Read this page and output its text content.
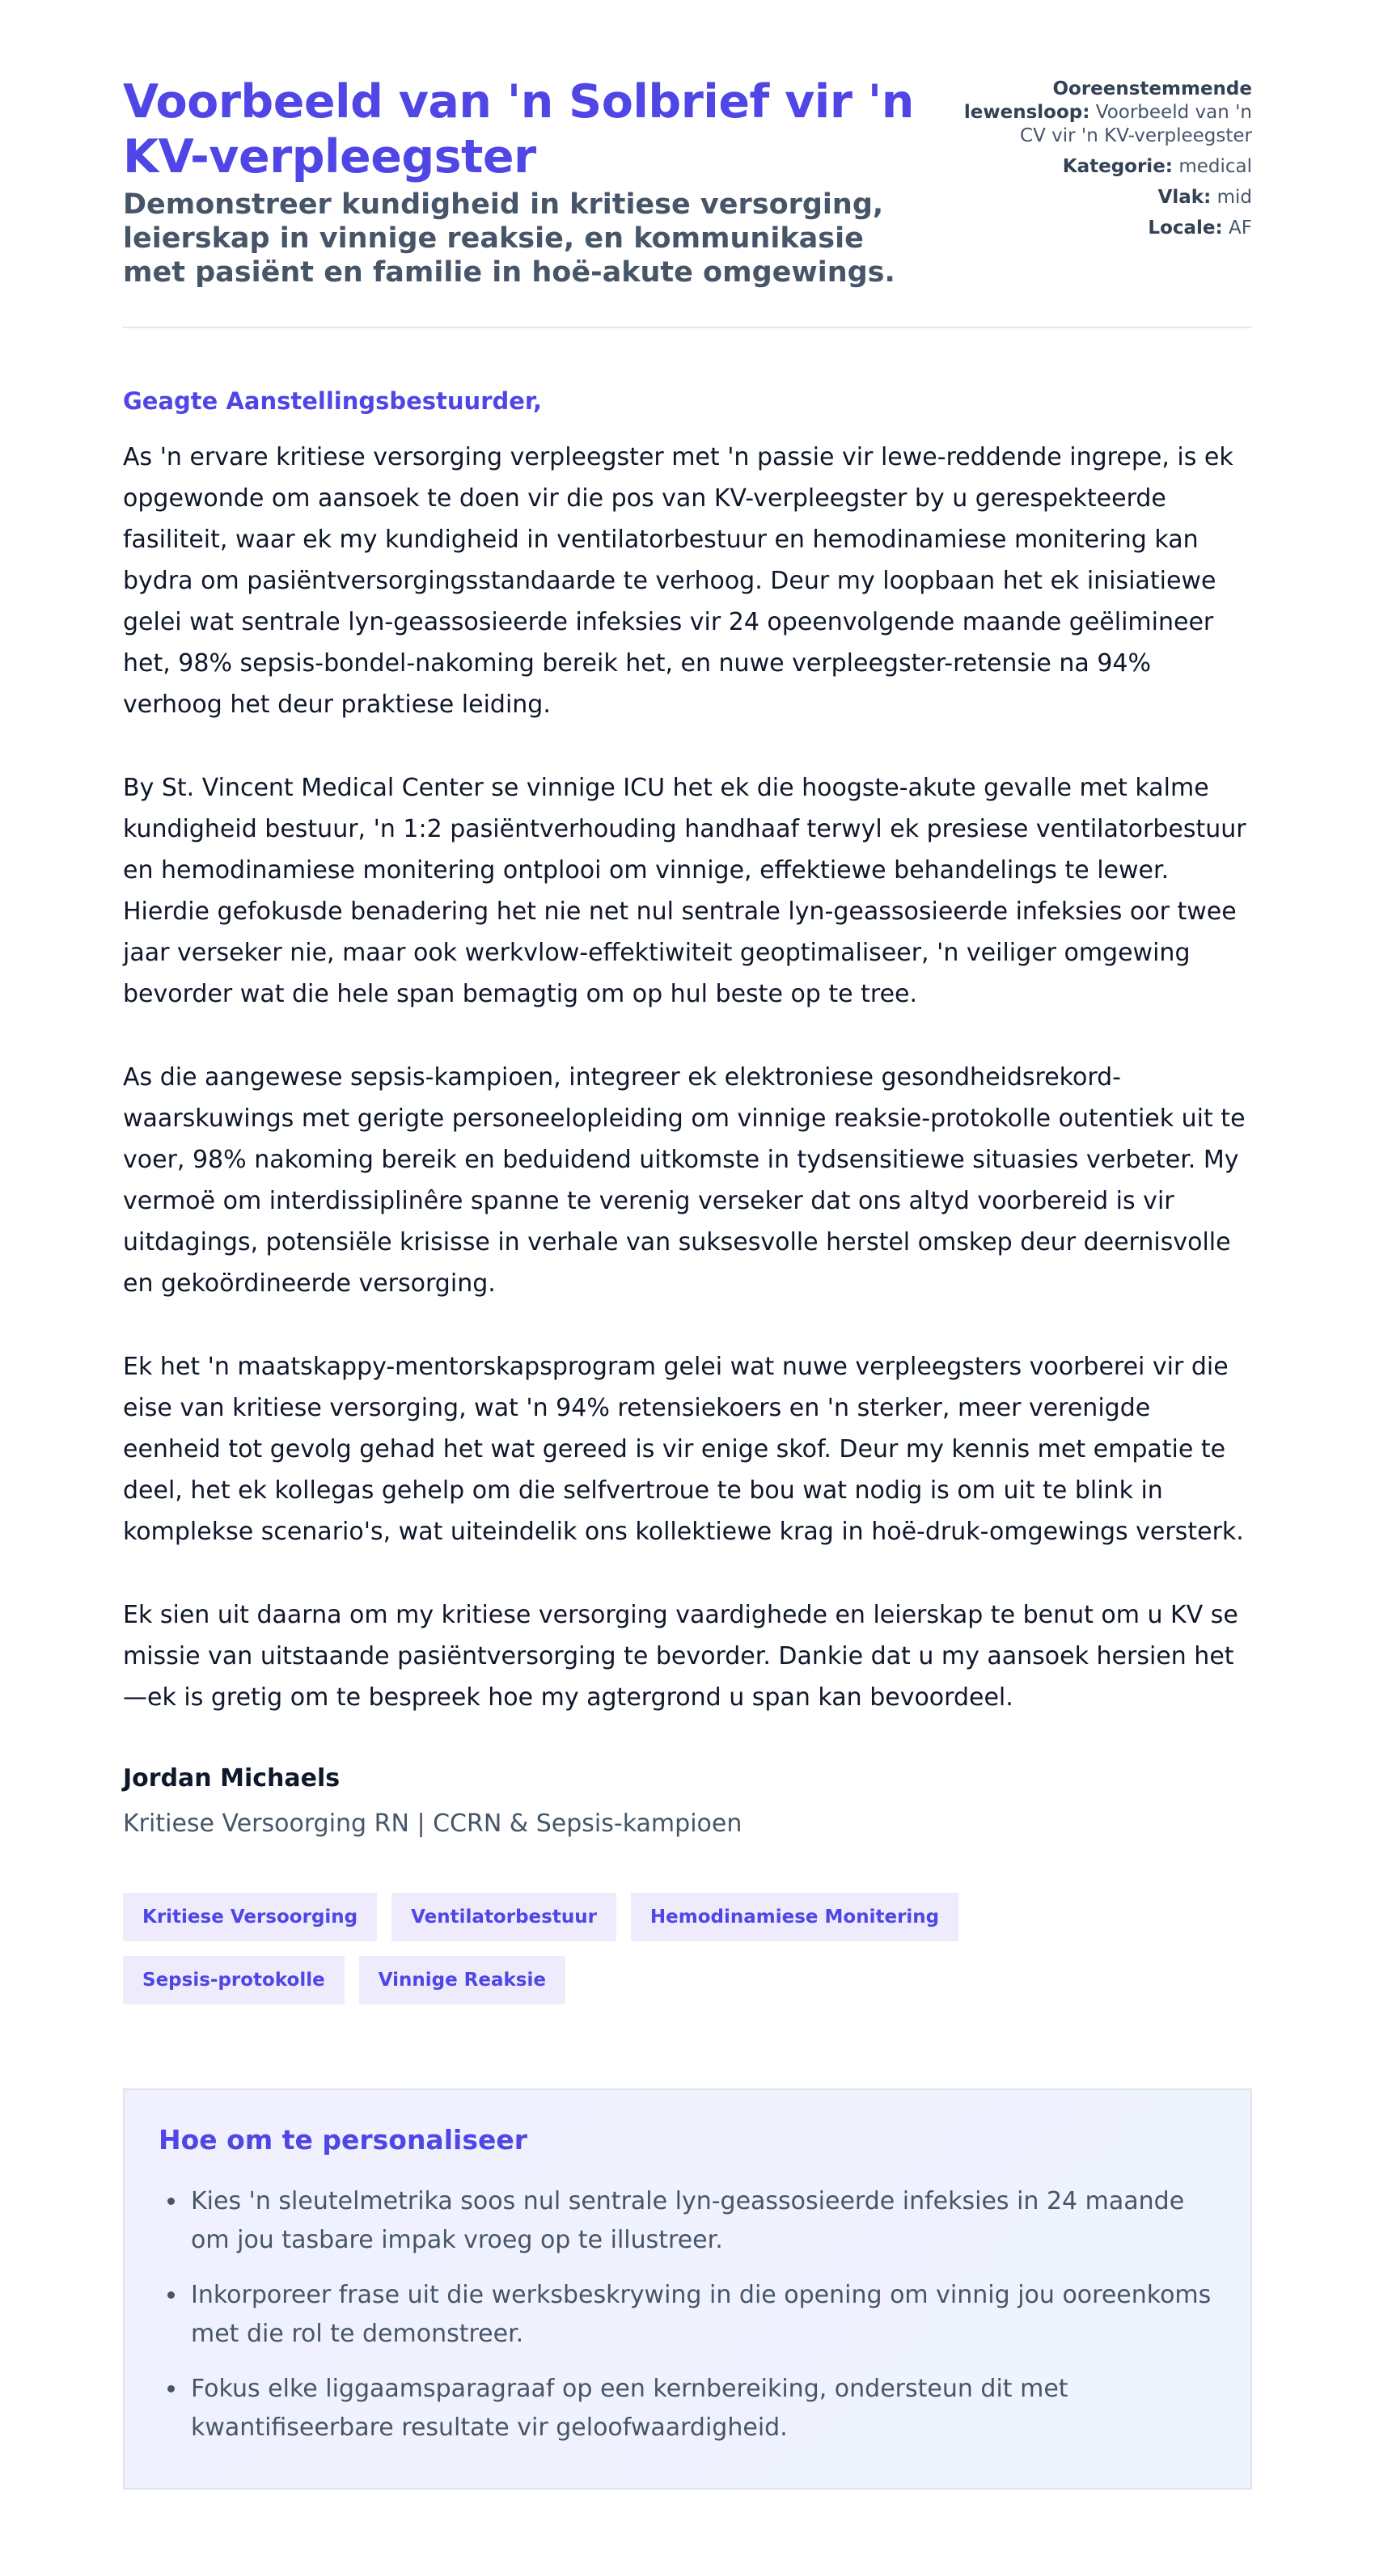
Voorbeeld van 'n Solbrief vir 'n KV-verpleegster

Demonstreer kundigheid in kritiese versorging, leierskap in vinnige reaksie, en kommunikasie met pasiënt en familie in hoë-akute omgewings.

Ooreenstemmende lewensloop: Voorbeeld van 'n CV vir 'n KV-verpleegster
Kategorie: medical
Vlak: mid
Locale: AF

Geagte Aanstellingsbestuurder,

As 'n ervare kritiese versorging verpleegster met 'n passie vir lewe-reddende ingrepe, is ek opgewonde om aansoek te doen vir die pos van KV-verpleegster by u gerespekteerde fasiliteit, waar ek my kundigheid in ventilatorbestuur en hemodinamiese monitering kan bydra om pasiëntversorgingsstandaarde te verhoog. Deur my loopbaan het ek inisiatiewe gelei wat sentrale lyn-geassosieerde infeksies vir 24 opeenvolgende maande geëlimineer het, 98% sepsis-bondel-nakoming bereik het, en nuwe verpleegster-retensie na 94% verhoog het deur praktiese leiding.

By St. Vincent Medical Center se vinnige ICU het ek die hoogste-akute gevalle met kalme kundigheid bestuur, 'n 1:2 pasiëntverhouding handhaaf terwyl ek presiese ventilatorbestuur en hemodinamiese monitering ontplooi om vinnige, effektiewe behandelings te lewer. Hierdie gefokusde benadering het nie net nul sentrale lyn-geassosieerde infeksies oor twee jaar verseker nie, maar ook werkvlow-effektiwiteit geoptimaliseer, 'n veiliger omgewing bevorder wat die hele span bemagtig om op hul beste op te tree.

As die aangewese sepsis-kampioen, integreer ek elektroniese gesondheidsrekord-waarskuwings met gerigte personeelopleiding om vinnige reaksie-protokolle outentiek uit te voer, 98% nakoming bereik en beduidend uitkomste in tydsensitiewe situasies verbeter. My vermoë om interdissiplinêre spanne te verenig verseker dat ons altyd voorbereid is vir uitdagings, potensiële krisisse in verhale van suksesvolle herstel omskep deur deernisvolle en gekoördineerde versorging.

Ek het 'n maatskappy-mentorskapsprogram gelei wat nuwe verpleegsters voorberei vir die eise van kritiese versorging, wat 'n 94% retensiekoers en 'n sterker, meer verenigde eenheid tot gevolg gehad het wat gereed is vir enige skof. Deur my kennis met empatie te deel, het ek kollegas gehelp om die selfvertroue te bou wat nodig is om uit te blink in komplekse scenario's, wat uiteindelik ons kollektiewe krag in hoë-druk-omgewings versterk.

Ek sien uit daarna om my kritiese versorging vaardighede en leierskap te benut om u KV se missie van uitstaande pasiëntversorging te bevorder. Dankie dat u my aansoek hersien het—ek is gretig om te bespreek hoe my agtergrond u span kan bevoordeel.

Jordan Michaels
Kritiese Versoorging RN | CCRN & Sepsis-kampioen
Kritiese Versoorging	Ventilatorbestuur	Hemodinamiese Monitering
Sepsis-protokolle	Vinnige Reaksie
Hoe om te personaliseer
• Kies 'n sleutelmetrika soos nul sentrale lyn-geassosieerde infeksies in 24 maande om jou tasbare impak vroeg op te illustreer.
• Inkorporeer frase uit die werksbeskrywing in die opening om vinnig jou ooreenkoms met die rol te demonstreer.
• Fokus elke liggaamsparagraaf op een kernbereiking, ondersteun dit met kwantifiseerbare resultate vir geloofwaardigheid.
